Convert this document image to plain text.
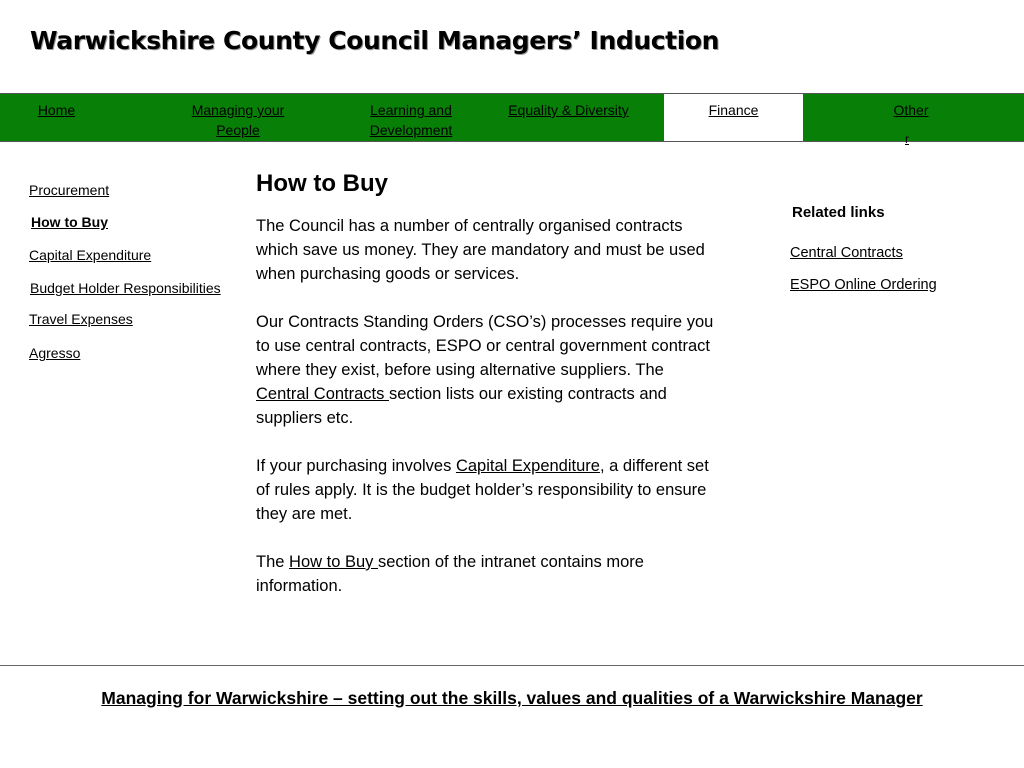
Warwickshire County Council Managers’ Induction
Home	Managing your People
Learning and Development
Equality & Diversity	Finance	Other
r
Procurement
How to Buy
Capital Expenditure
Budget Holder Responsibilities
Travel Expenses
Agresso
How to Buy

The Council has a number of centrally organised contracts which save us money. They are mandatory and must be used when purchasing goods or services.

Our Contracts Standing Orders (CSO’s) processes require you to use central contracts, ESPO or central government contract where they exist, before using alternative suppliers. The Central Contracts section lists our existing contracts and suppliers etc.

If your purchasing involves Capital Expenditure, a different set of rules apply. It is the budget holder’s responsibility to ensure they are met.

The How to Buy section of the intranet contains more information.

Related links
Central Contracts
ESPO Online Ordering
Managing for Warwickshire – setting out the skills, values and qualities of a Warwickshire Manager
